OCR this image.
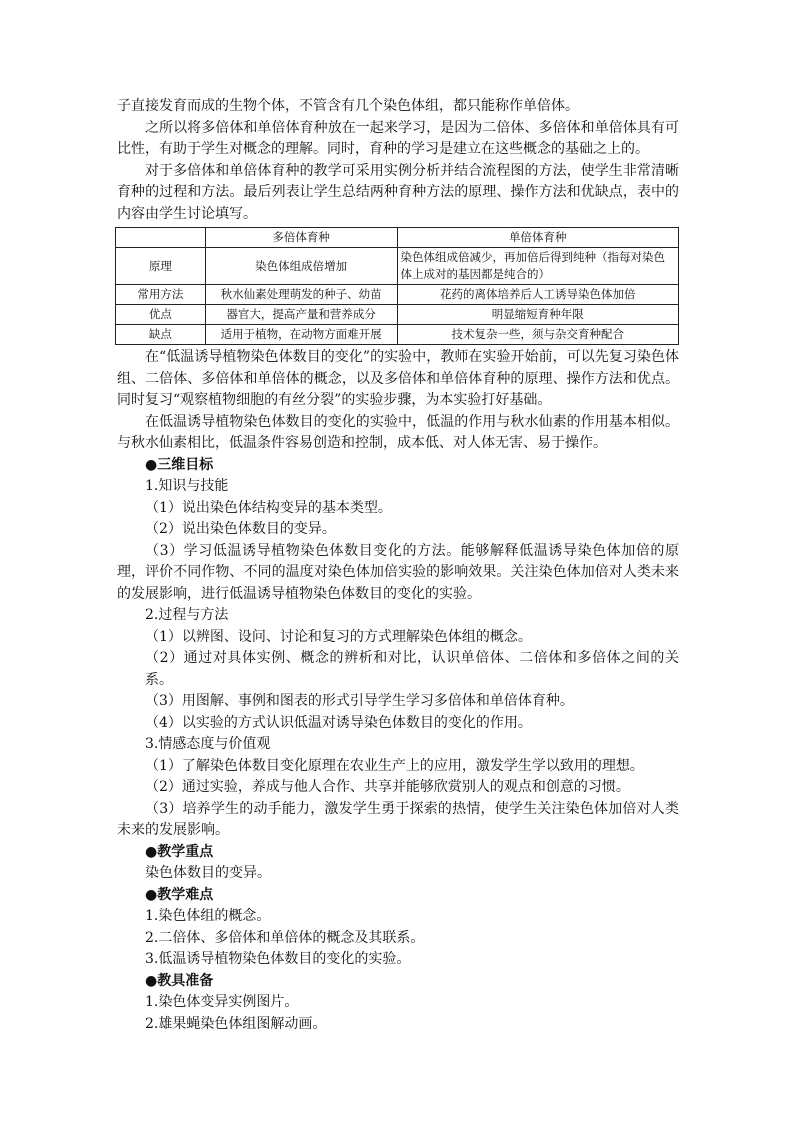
子直接发育而成的生物个体，不管含有几个染色体组，都只能称作单倍体。

之所以将多倍体和单倍体育种放在一起来学习，是因为二倍体、多倍体和单倍体具有可比性，有助于学生对概念的理解。同时，育种的学习是建立在这些概念的基础之上的。

对于多倍体和单倍体育种的教学可采用实例分析并结合流程图的方法，使学生非常清晰育种的过程和方法。最后列表让学生总结两种育种方法的原理、操作方法和优缺点，表中的内容由学生讨论填写。

	多倍体育种	单倍体育种
原理	染色体组成倍增加	染色体组成倍减少，再加倍后得到纯种（指每对染色体上成对的基因都是纯合的）
常用方法	秋水仙素处理萌发的种子、幼苗	花药的离体培养后人工诱导染色体加倍
优点	器官大，提高产量和营养成分	明显缩短育种年限
缺点	适用于植物，在动物方面难开展	技术复杂一些，须与杂交育种配合

在“低温诱导植物染色体数目的变化”的实验中，教师在实验开始前，可以先复习染色体组、二倍体、多倍体和单倍体的概念，以及多倍体和单倍体育种的原理、操作方法和优点。同时复习“观察植物细胞的有丝分裂”的实验步骤，为本实验打好基础。

在低温诱导植物染色体数目的变化的实验中，低温的作用与秋水仙素的作用基本相似。与秋水仙素相比，低温条件容易创造和控制，成本低、对人体无害、易于操作。

●三维目标

1.知识与技能

（1）说出染色体结构变异的基本类型。

（2）说出染色体数目的变异。

（3）学习低温诱导植物染色体数目变化的方法。能够解释低温诱导染色体加倍的原理，评价不同作物、不同的温度对染色体加倍实验的影响效果。关注染色体加倍对人类未来的发展影响，进行低温诱导植物染色体数目的变化的实验。

2.过程与方法

（1）以辨图、设问、讨论和复习的方式理解染色体组的概念。

（2）通过对具体实例、概念的辨析和对比，认识单倍体、二倍体和多倍体之间的关系。

（3）用图解、事例和图表的形式引导学生学习多倍体和单倍体育种。

（4）以实验的方式认识低温对诱导染色体数目的变化的作用。

3.情感态度与价值观

（1）了解染色体数目变化原理在农业生产上的应用，激发学生学以致用的理想。

（2）通过实验，养成与他人合作、共享并能够欣赏别人的观点和创意的习惯。

（3）培养学生的动手能力，激发学生勇于探索的热情，使学生关注染色体加倍对人类未来的发展影响。

●教学重点

染色体数目的变异。

●教学难点

1.染色体组的概念。

2.二倍体、多倍体和单倍体的概念及其联系。

3.低温诱导植物染色体数目的变化的实验。

●教具准备

1.染色体变异实例图片。

2.雄果蝇染色体组图解动画。
